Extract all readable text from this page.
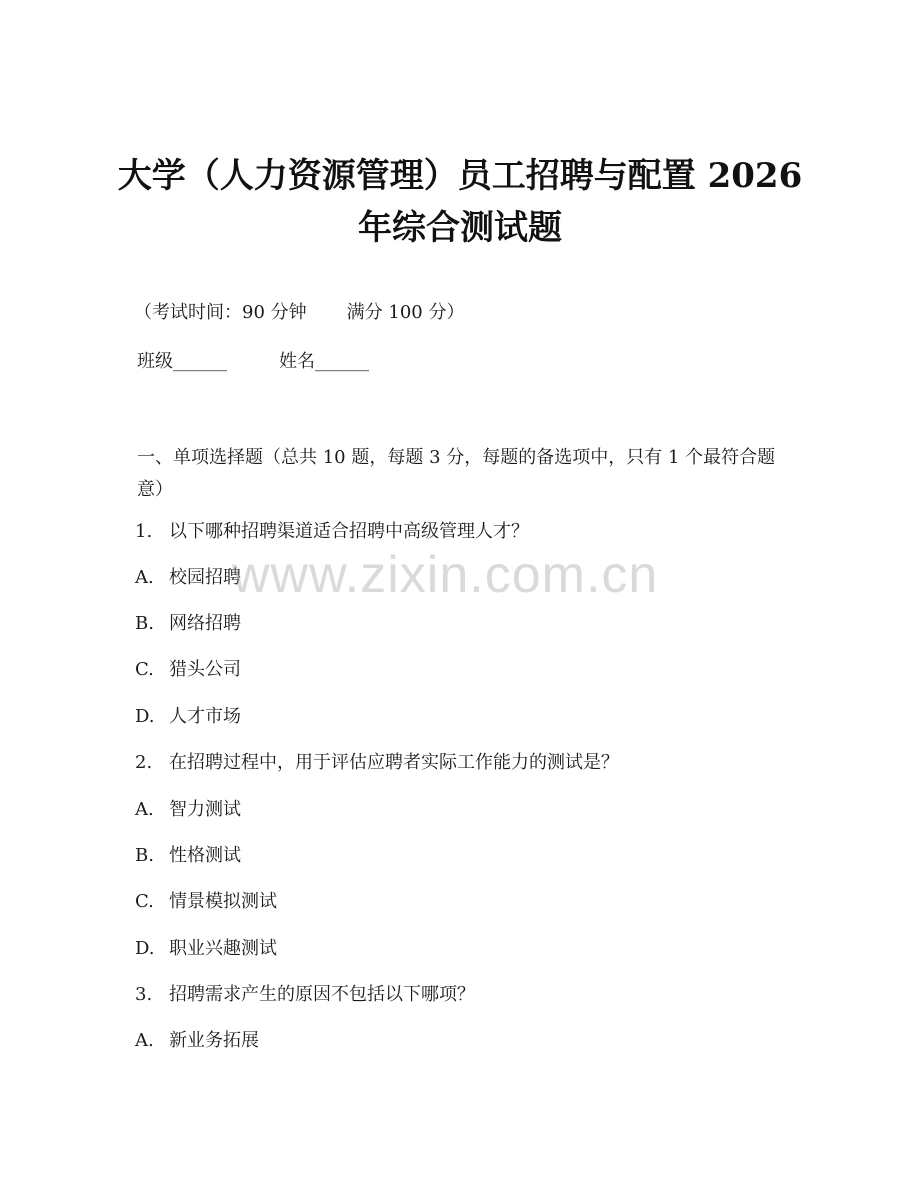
大学（人力资源管理）员工招聘与配置 2026
年综合测试题
（考试时间：90 分钟 满分 100 分）
班级______	姓名______
一、单项选择题（总共 10 题，每题 3 分，每题的备选项中，只有 1 个最符合题意）
1. 以下哪种招聘渠道适合招聘中高级管理人才？
A. 校园招聘
B. 网络招聘
C. 猎头公司
D. 人才市场
2. 在招聘过程中，用于评估应聘者实际工作能力的测试是？
A. 智力测试
B. 性格测试
C. 情景模拟测试
D. 职业兴趣测试
3. 招聘需求产生的原因不包括以下哪项？
A. 新业务拓展
www.zixin.com.cn
